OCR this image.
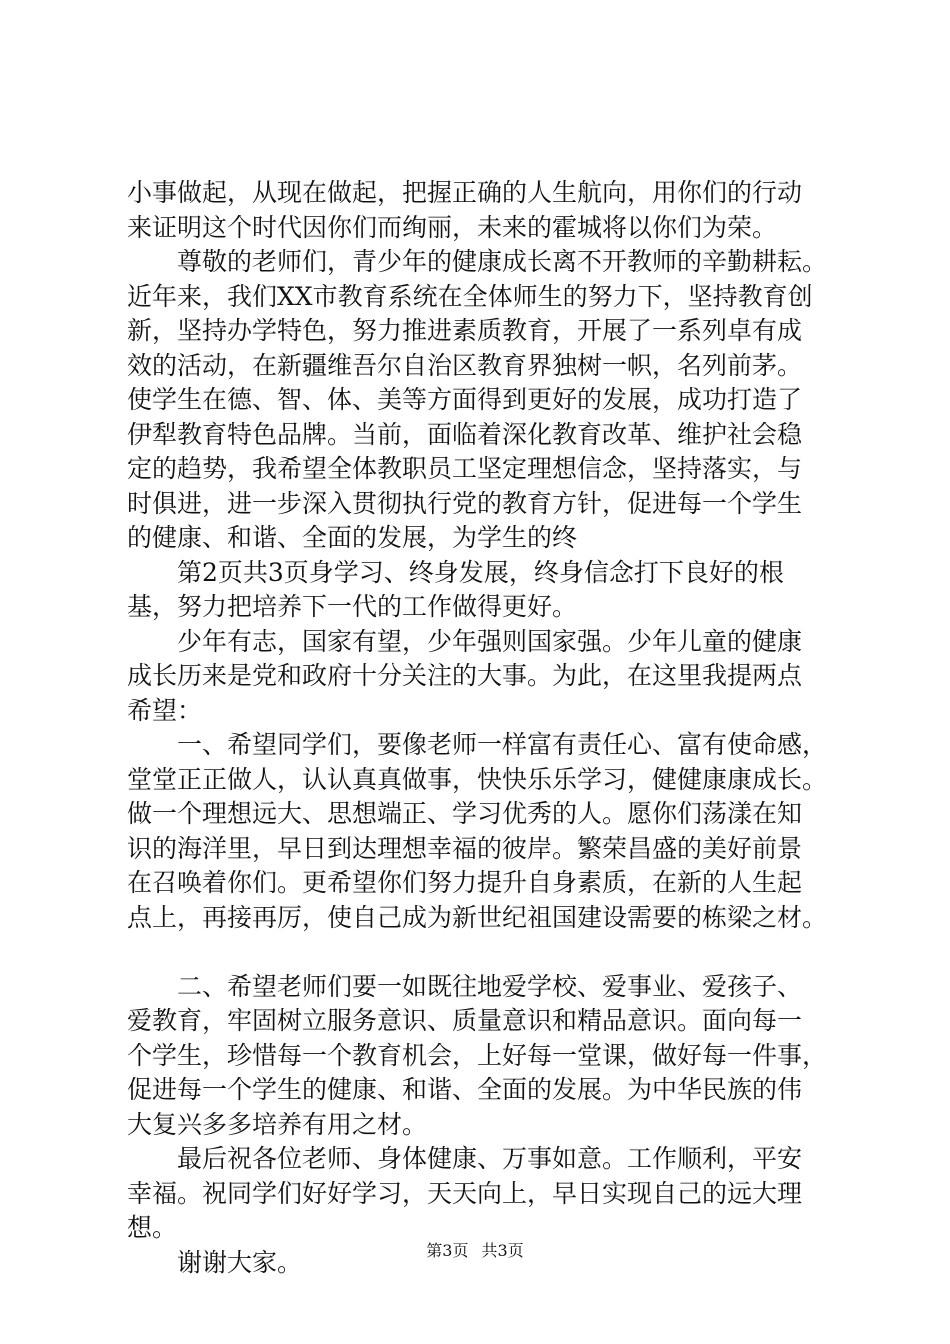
小事做起，从现在做起，把握正确的人生航向，用你们的行动
来证明这个时代因你们而绚丽，未来的霍城将以你们为荣。
尊敬的老师们，青少年的健康成长离不开教师的辛勤耕耘。
近年来，我们XX市教育系统在全体师生的努力下，坚持教育创
新，坚持办学特色，努力推进素质教育，开展了一系列卓有成
效的活动，在新疆维吾尔自治区教育界独树一帜，名列前茅。
使学生在德、智、体、美等方面得到更好的发展，成功打造了
伊犁教育特色品牌。当前，面临着深化教育改革、维护社会稳
定的趋势，我希望全体教职员工坚定理想信念，坚持落实，与
时俱进，进一步深入贯彻执行党的教育方针，促进每一个学生
的健康、和谐、全面的发展，为学生的终
第2页共3页身学习、终身发展，终身信念打下良好的根
基，努力把培养下一代的工作做得更好。
少年有志，国家有望，少年强则国家强。少年儿童的健康
成长历来是党和政府十分关注的大事。为此，在这里我提两点
希望：
一、希望同学们，要像老师一样富有责任心、富有使命感，
堂堂正正做人，认认真真做事，快快乐乐学习，健健康康成长。
做一个理想远大、思想端正、学习优秀的人。愿你们荡漾在知
识的海洋里，早日到达理想幸福的彼岸。繁荣昌盛的美好前景
在召唤着你们。更希望你们努力提升自身素质，在新的人生起
点上，再接再厉，使自己成为新世纪祖国建设需要的栋梁之材。
二、希望老师们要一如既往地爱学校、爱事业、爱孩子、
爱教育，牢固树立服务意识、质量意识和精品意识。面向每一
个学生，珍惜每一个教育机会，上好每一堂课，做好每一件事，
促进每一个学生的健康、和谐、全面的发展。为中华民族的伟
大复兴多多培养有用之材。
最后祝各位老师、身体健康、万事如意。工作顺利，平安
幸福。祝同学们好好学习，天天向上，早日实现自己的远大理
想。
谢谢大家。	第3页 共3页
